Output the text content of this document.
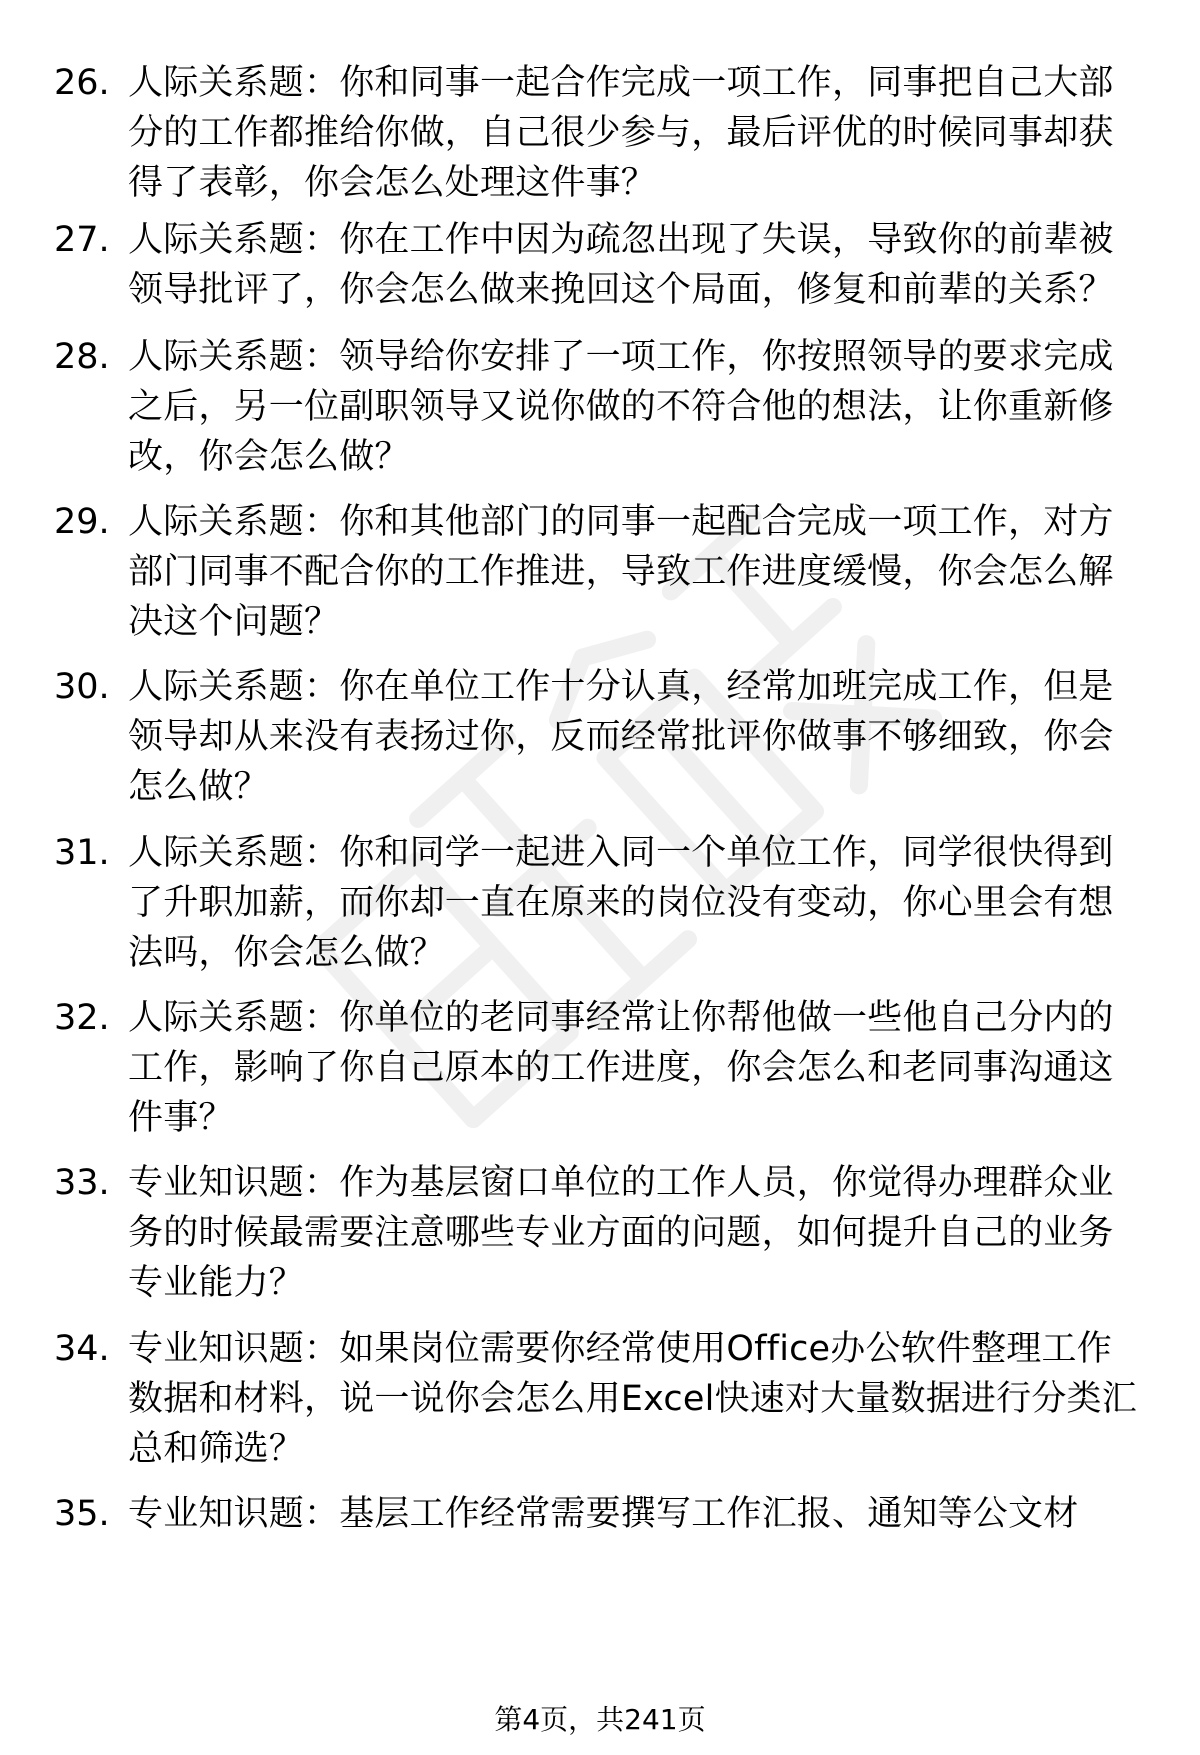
26. 人际关系题：你和同事一起合作完成一项工作，同事把自己大部
分的工作都推给你做，自己很少参与，最后评优的时候同事却获
得了表彰，你会怎么处理这件事？
27. 人际关系题：你在工作中因为疏忽出现了失误，导致你的前辈被
领导批评了，你会怎么做来挽回这个局面，修复和前辈的关系？
28. 人际关系题：领导给你安排了一项工作，你按照领导的要求完成
之后，另一位副职领导又说你做的不符合他的想法，让你重新修
改，你会怎么做？
29. 人际关系题：你和其他部门的同事一起配合完成一项工作，对方
部门同事不配合你的工作推进，导致工作进度缓慢，你会怎么解
决这个问题？
30. 人际关系题：你在单位工作十分认真，经常加班完成工作，但是
领导却从来没有表扬过你，反而经常批评你做事不够细致，你会
怎么做？
31. 人际关系题：你和同学一起进入同一个单位工作，同学很快得到
了升职加薪，而你却一直在原来的岗位没有变动，你心里会有想
法吗，你会怎么做？
32. 人际关系题：你单位的老同事经常让你帮他做一些他自己分内的
工作，影响了你自己原本的工作进度，你会怎么和老同事沟通这
件事？
33. 专业知识题：作为基层窗口单位的工作人员，你觉得办理群众业
务的时候最需要注意哪些专业方面的问题，如何提升自己的业务
专业能力？
34. 专业知识题：如果岗位需要你经常使用Office办公软件整理工作
数据和材料，说一说你会怎么用Excel快速对大量数据进行分类汇
总和筛选？
35. 专业知识题：基层工作经常需要撰写工作汇报、通知等公文材
第4页，共241页
